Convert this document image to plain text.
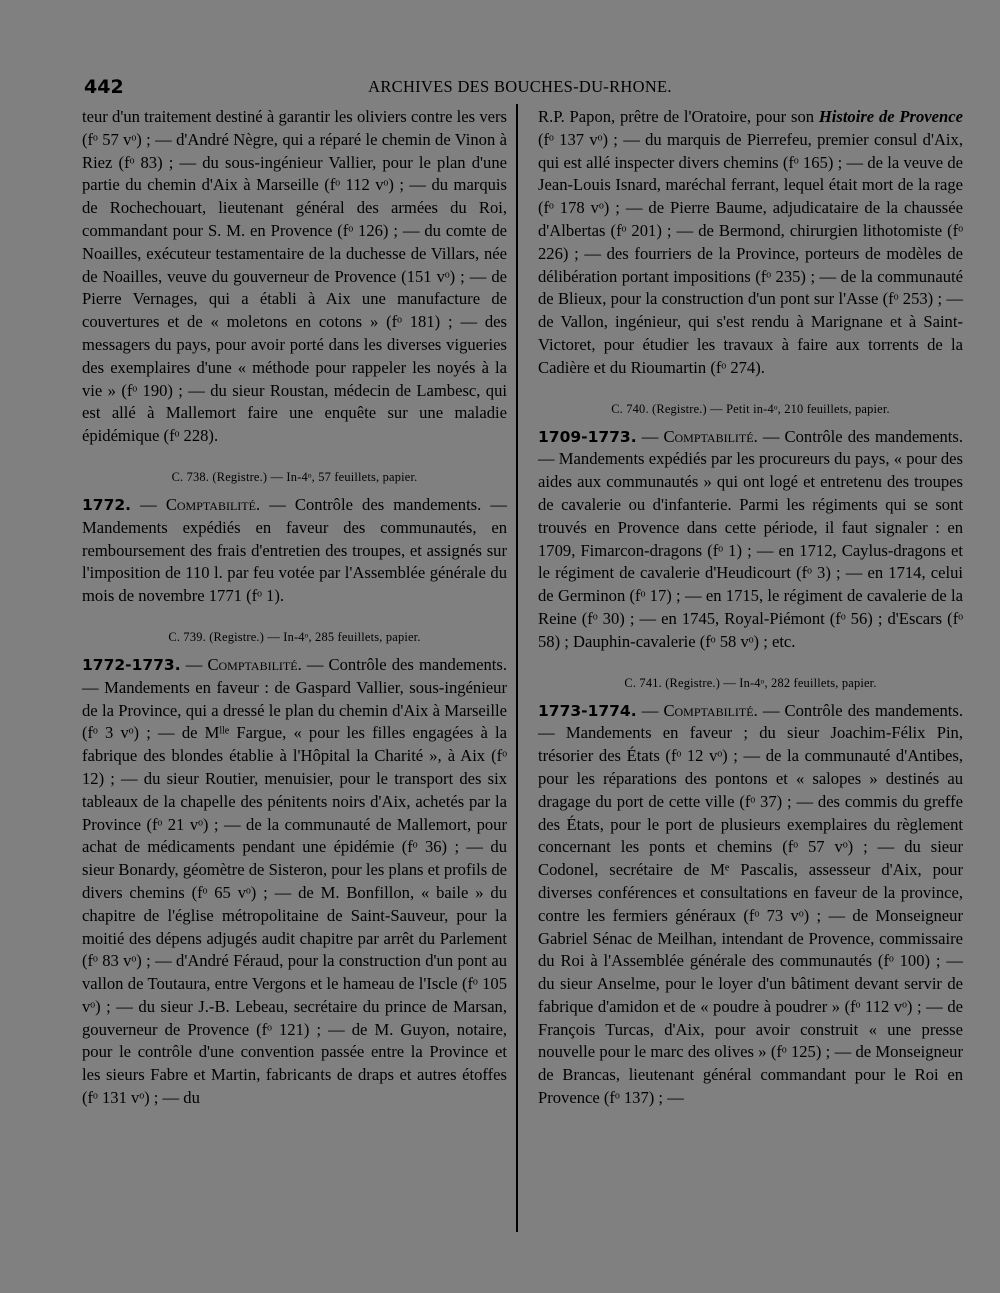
442	ARCHIVES DES BOUCHES-DU-RHONE.

teur d'un traitement destiné à garantir les oliviers contre les vers (fᵒ 57 vᵒ) ; — d'André Nègre, qui a réparé le chemin de Vinon à Riez (fᵒ 83) ; — du sous-ingénieur Vallier, pour le plan d'une partie du chemin d'Aix à Marseille (fᵒ 112 vᵒ) ; — du marquis de Rochechouart, lieutenant général des armées du Roi, commandant pour S. M. en Provence (fᵒ 126) ; — du comte de Noailles, exécuteur testamentaire de la duchesse de Villars, née de Noailles, veuve du gouverneur de Provence (151 vᵒ) ; — de Pierre Vernages, qui a établi à Aix une manufacture de couvertures et de « moletons en cotons » (fᵒ 181) ; — des messagers du pays, pour avoir porté dans les diverses vigueries des exemplaires d'une « méthode pour rappeler les noyés à la vie » (fᵒ 190) ; — du sieur Roustan, médecin de Lambesc, qui est allé à Mallemort faire une enquête sur une maladie épidémique (fᵒ 228).

C. 738. (Registre.) — In-4ᵒ, 57 feuillets, papier.

1772. — Comptabilité. — Contrôle des mandements. — Mandements expédiés en faveur des communautés, en remboursement des frais d'entretien des troupes, et assignés sur l'imposition de 110 l. par feu votée par l'Assemblée générale du mois de novembre 1771 (fᵒ 1).

C. 739. (Registre.) — In-4ᵒ, 285 feuillets, papier.

1772-1773. — Comptabilité. — Contrôle des mandements. — Mandements en faveur : de Gaspard Vallier, sous-ingénieur de la Province, qui a dressé le plan du chemin d'Aix à Marseille (fᵒ 3 vᵒ) ; — de Mˡˡᵉ Fargue, « pour les filles engagées à la fabrique des blondes établie à l'Hôpital la Charité », à Aix (fᵒ 12) ; — du sieur Routier, menuisier, pour le transport des six tableaux de la chapelle des pénitents noirs d'Aix, achetés par la Province (fᵒ 21 vᵒ) ; — de la communauté de Mallemort, pour achat de médicaments pendant une épidémie (fᵒ 36) ; — du sieur Bonardy, géomètre de Sisteron, pour les plans et profils de divers chemins (fᵒ 65 vᵒ) ; — de M. Bonfillon, « baile » du chapitre de l'église métropolitaine de Saint-Sauveur, pour la moitié des dépens adjugés audit chapitre par arrêt du Parlement (fᵒ 83 vᵒ) ; — d'André Féraud, pour la construction d'un pont au vallon de Toutaura, entre Vergons et le hameau de l'Iscle (fᵒ 105 vᵒ) ; — du sieur J.-B. Lebeau, secrétaire du prince de Marsan, gouverneur de Provence (fᵒ 121) ; — de M. Guyon, notaire, pour le contrôle d'une convention passée entre la Province et les sieurs Fabre et Martin, fabricants de draps et autres étoffes (fᵒ 131 vᵒ) ; — du

R.P. Papon, prêtre de l'Oratoire, pour son Histoire de Provence (fᵒ 137 vᵒ) ; — du marquis de Pierrefeu, premier consul d'Aix, qui est allé inspecter divers chemins (fᵒ 165) ; — de la veuve de Jean-Louis Isnard, maréchal ferrant, lequel était mort de la rage (fᵒ 178 vᵒ) ; — de Pierre Baume, adjudicataire de la chaussée d'Albertas (fᵒ 201) ; — de Bermond, chirurgien lithotomiste (fᵒ 226) ; — des fourriers de la Province, porteurs de modèles de délibération portant impositions (fᵒ 235) ; — de la communauté de Blieux, pour la construction d'un pont sur l'Asse (fᵒ 253) ; — de Vallon, ingénieur, qui s'est rendu à Marignane et à Saint-Victoret, pour étudier les travaux à faire aux torrents de la Cadière et du Rioumartin (fᵒ 274).

C. 740. (Registre.) — Petit in-4ᵒ, 210 feuillets, papier.

1709-1773. — Comptabilité. — Contrôle des mandements. — Mandements expédiés par les procureurs du pays, « pour des aides aux communautés » qui ont logé et entretenu des troupes de cavalerie ou d'infanterie. Parmi les régiments qui se sont trouvés en Provence dans cette période, il faut signaler : en 1709, Fimarcon-dragons (fᵒ 1) ; — en 1712, Caylus-dragons et le régiment de cavalerie d'Heudicourt (fᵒ 3) ; — en 1714, celui de Germinon (fᵒ 17) ; — en 1715, le régiment de cavalerie de la Reine (fᵒ 30) ; — en 1745, Royal-Piémont (fᵒ 56) ; d'Escars (fᵒ 58) ; Dauphin-cavalerie (fᵒ 58 vᵒ) ; etc.

C. 741. (Registre.) — In-4ᵒ, 282 feuillets, papier.

1773-1774. — Comptabilité. — Contrôle des mandements. — Mandements en faveur ; du sieur Joachim-Félix Pin, trésorier des États (fᵒ 12 vᵒ) ; — de la communauté d'Antibes, pour les réparations des pontons et « salopes » destinés au dragage du port de cette ville (fᵒ 37) ; — des commis du greffe des États, pour le port de plusieurs exemplaires du règlement concernant les ponts et chemins (fᵒ 57 vᵒ) ; — du sieur Codonel, secrétaire de Mᵉ Pascalis, assesseur d'Aix, pour diverses conférences et consultations en faveur de la province, contre les fermiers généraux (fᵒ 73 vᵒ) ; — de Monseigneur Gabriel Sénac de Meilhan, intendant de Provence, commissaire du Roi à l'Assemblée générale des communautés (fᵒ 100) ; — du sieur Anselme, pour le loyer d'un bâtiment devant servir de fabrique d'amidon et de « poudre à poudrer » (fᵒ 112 vᵒ) ; — de François Turcas, d'Aix, pour avoir construit « une presse nouvelle pour le marc des olives » (fᵒ 125) ; — de Monseigneur de Brancas, lieutenant général commandant pour le Roi en Provence (fᵒ 137) ; —
